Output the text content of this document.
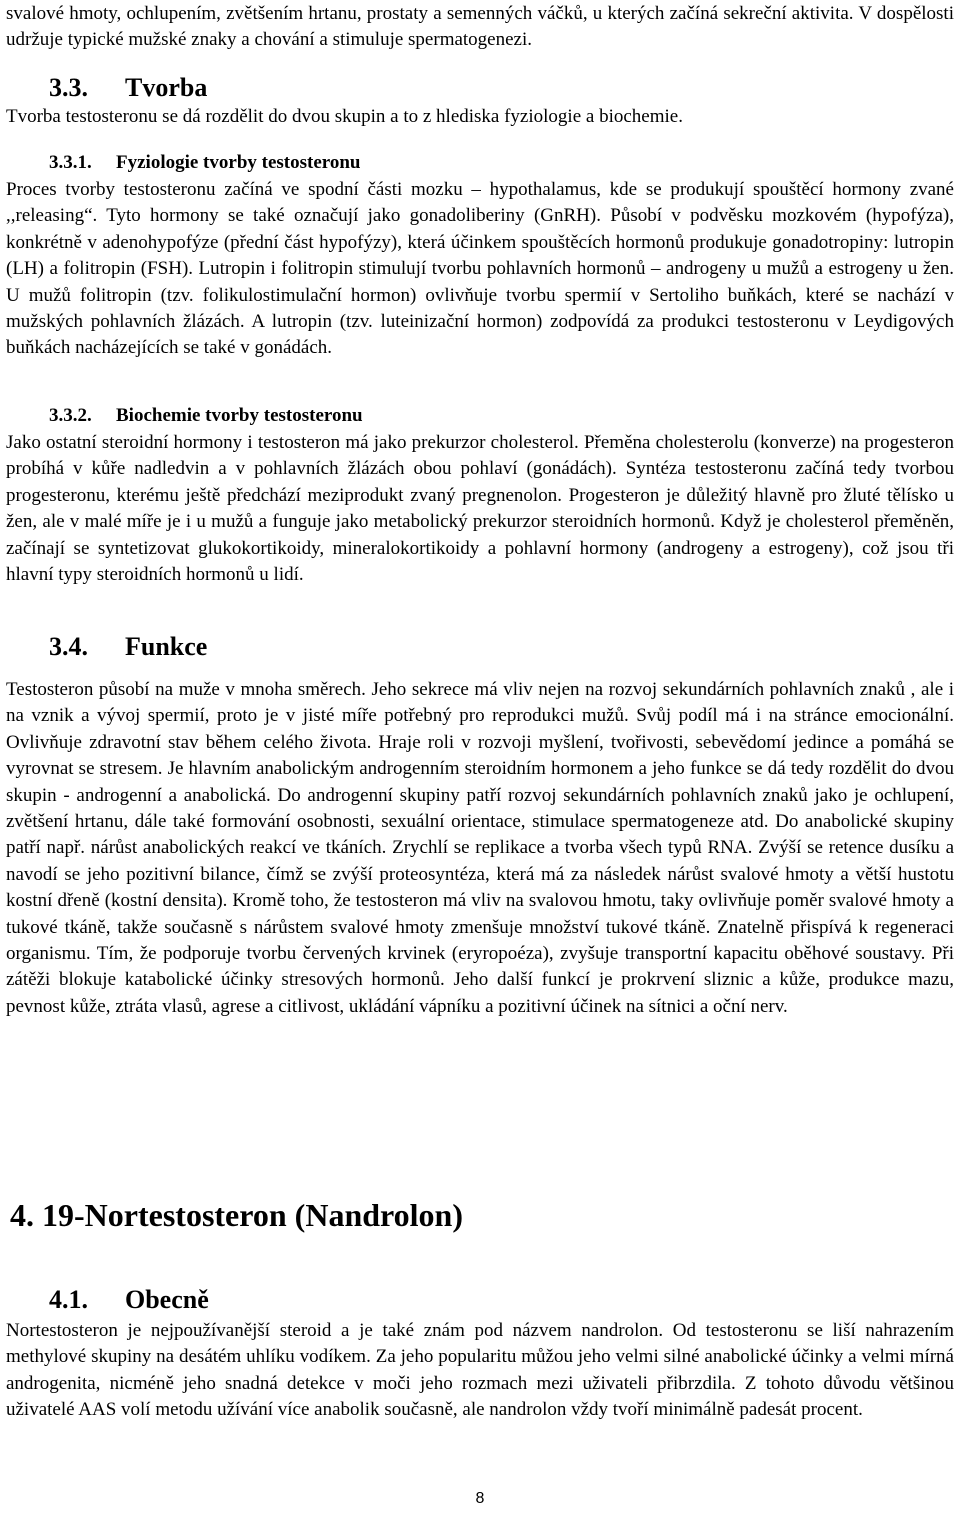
svalové hmoty, ochlupením, zvětšením hrtanu, prostaty a semenných váčků, u kterých začíná sekreční aktivita. V dospělosti udržuje typické mužské znaky a chování a stimuluje spermatogenezi.

3.3. Tvorba

Tvorba testosteronu se dá rozdělit do dvou skupin a to z hlediska fyziologie a biochemie.

3.3.1. Fyziologie tvorby testosteronu

Proces tvorby testosteronu začíná ve spodní části mozku – hypothalamus, kde se produkují spouštěcí hormony zvané ,,releasing“. Tyto hormony se také označují jako gonadoliberiny (GnRH). Působí v podvěsku mozkovém (hypofýza), konkrétně v adenohypofýze (přední část hypofýzy), která účinkem spouštěcích hormonů produkuje gonadotropiny: lutropin (LH) a folitropin (FSH). Lutropin i folitropin stimulují tvorbu pohlavních hormonů – androgeny u mužů a estrogeny u žen. U mužů folitropin (tzv. folikulostimulační hormon) ovlivňuje tvorbu spermií v Sertoliho buňkách, které se nachází v mužských pohlavních žlázách. A lutropin (tzv. luteinizační hormon) zodpovídá za produkci testosteronu v Leydigových buňkách nacházejících se také v gonádách.

3.3.2. Biochemie tvorby testosteronu

Jako ostatní steroidní hormony i testosteron má jako prekurzor cholesterol. Přeměna cholesterolu (konverze) na progesteron probíhá v kůře nadledvin a v pohlavních žlázách obou pohlaví (gonádách). Syntéza testosteronu začíná tedy tvorbou progesteronu, kterému ještě předchází meziprodukt zvaný pregnenolon. Progesteron je důležitý hlavně pro žluté tělísko u žen, ale v malé míře je i u mužů a funguje jako metabolický prekurzor steroidních hormonů. Když je cholesterol přeměněn, začínají se syntetizovat glukokortikoidy, mineralokortikoidy a pohlavní hormony (androgeny a estrogeny), což jsou tři hlavní typy steroidních hormonů u lidí.

3.4. Funkce

Testosteron působí na muže v mnoha směrech. Jeho sekrece má vliv nejen na rozvoj sekundárních pohlavních znaků , ale i na vznik a vývoj spermií, proto je v jisté míře potřebný pro reprodukci mužů. Svůj podíl má i na stránce emocionální. Ovlivňuje zdravotní stav během celého života. Hraje roli v rozvoji myšlení, tvořivosti, sebevědomí jedince a pomáhá se vyrovnat se stresem. Je hlavním anabolickým androgenním steroidním hormonem a jeho funkce se dá tedy rozdělit do dvou skupin - androgenní a anabolická. Do androgenní skupiny patří rozvoj sekundárních pohlavních znaků jako je ochlupení, zvětšení hrtanu, dále také formování osobnosti, sexuální orientace, stimulace spermatogeneze atd. Do anabolické skupiny patří např. nárůst anabolických reakcí ve tkáních. Zrychlí se replikace a tvorba všech typů RNA. Zvýší se retence dusíku a navodí se jeho pozitivní bilance, čímž se zvýší proteosyntéza, která má za následek nárůst svalové hmoty a větší hustotu kostní dřeně (kostní densita). Kromě toho, že testosteron má vliv na svalovou hmotu, taky ovlivňuje poměr svalové hmoty a tukové tkáně, takže současně s nárůstem svalové hmoty zmenšuje množství tukové tkáně. Znatelně přispívá k regeneraci organismu. Tím, že podporuje tvorbu červených krvinek (eryropoéza), zvyšuje transportní kapacitu oběhové soustavy. Při zátěži blokuje katabolické účinky stresových hormonů. Jeho další funkcí je prokrvení sliznic a kůže, produkce mazu, pevnost kůže, ztráta vlasů, agrese a citlivost, ukládání vápníku a pozitivní účinek na sítnici a oční nerv.

4. 19-Nortestosteron (Nandrolon)
4.1. Obecně

Nortestosteron je nejpoužívanější steroid a je také znám pod názvem nandrolon. Od testosteronu se liší nahrazením methylové skupiny na desátém uhlíku vodíkem. Za jeho popularitu můžou jeho velmi silné anabolické účinky a velmi mírná androgenita, nicméně jeho snadná detekce v moči jeho rozmach mezi uživateli přibrzdila. Z tohoto důvodu většinou uživatelé AAS volí metodu užívání více anabolik současně, ale nandrolon vždy tvoří minimálně padesát procent.

8
